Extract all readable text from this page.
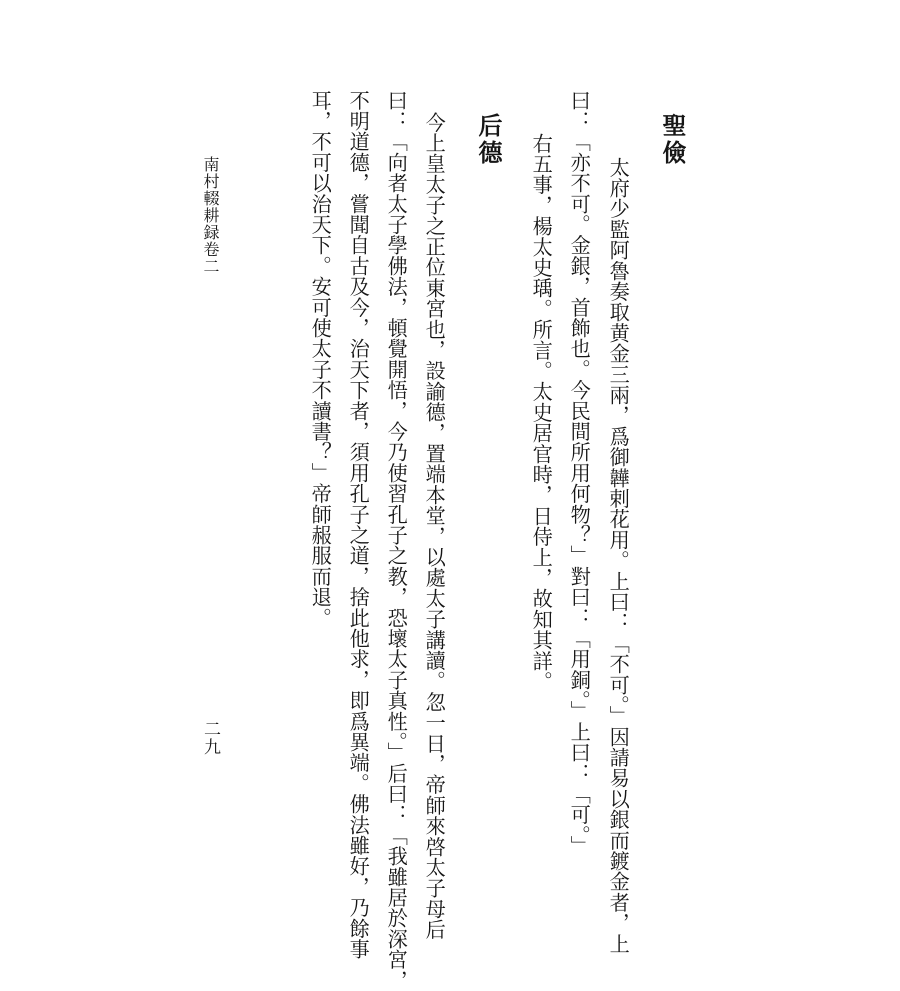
聖儉

太府少監阿魯奏取黄金三兩，爲御韡剌花用。上曰：「不可。」因請易以銀而鍍金者，上

曰：「亦不可。金銀，首飾也。今民間所用何物？」對曰：「用銅。」上曰：「可。」

右五事，楊太史瑀。所言。太史居官時，日侍上，故知其詳。

后德

今上皇太子之正位東宮也，設諭德，置端本堂，以處太子講讀。忽一日，帝師來啓太子母后

曰：「向者太子學佛法，頓覺開悟，今乃使習孔子之教，恐壞太子真性。」后曰：「我雖居於深宮，

不明道德，嘗聞自古及今，治天下者，須用孔子之道，捨此他求，即爲異端。佛法雖好，乃餘事

耳，不可以治天下。安可使太子不讀書？」帝師赧服而退。

南村輟耕録卷二
二九
